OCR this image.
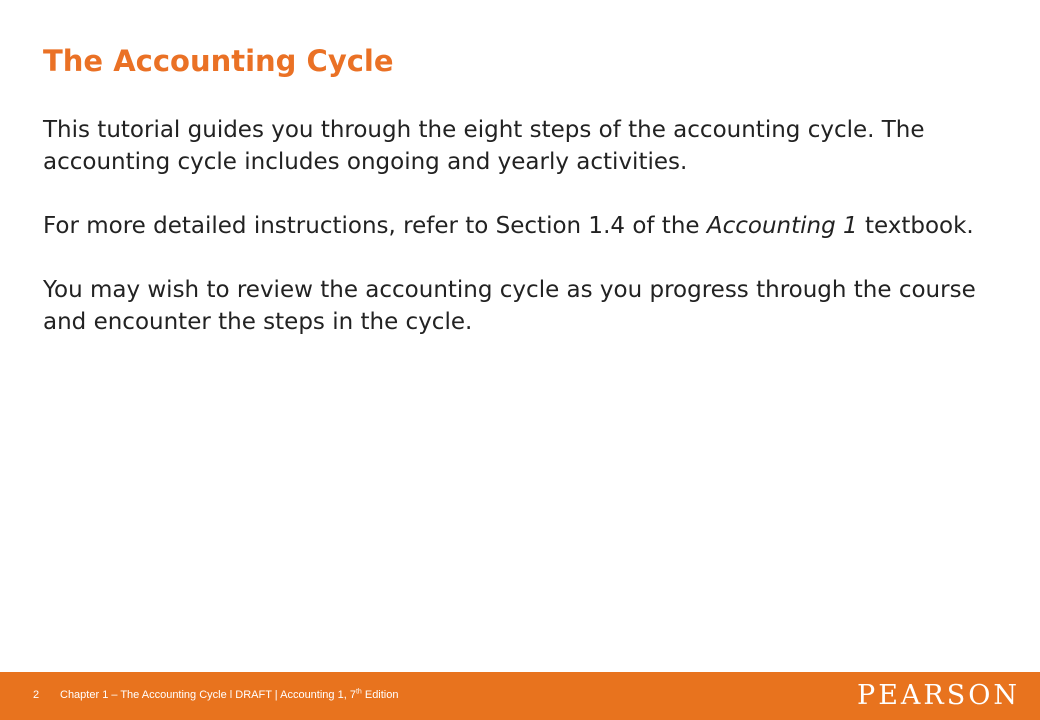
The Accounting Cycle

This tutorial guides you through the eight steps of the accounting cycle. The accounting cycle includes ongoing and yearly activities.

For more detailed instructions, refer to Section 1.4 of the Accounting 1 textbook.

You may wish to review the accounting cycle as you progress through the course and encounter the steps in the cycle.

2 Chapter 1 – The Accounting Cycle l DRAFT | Accounting 1, 7th Edition	PEARSON
